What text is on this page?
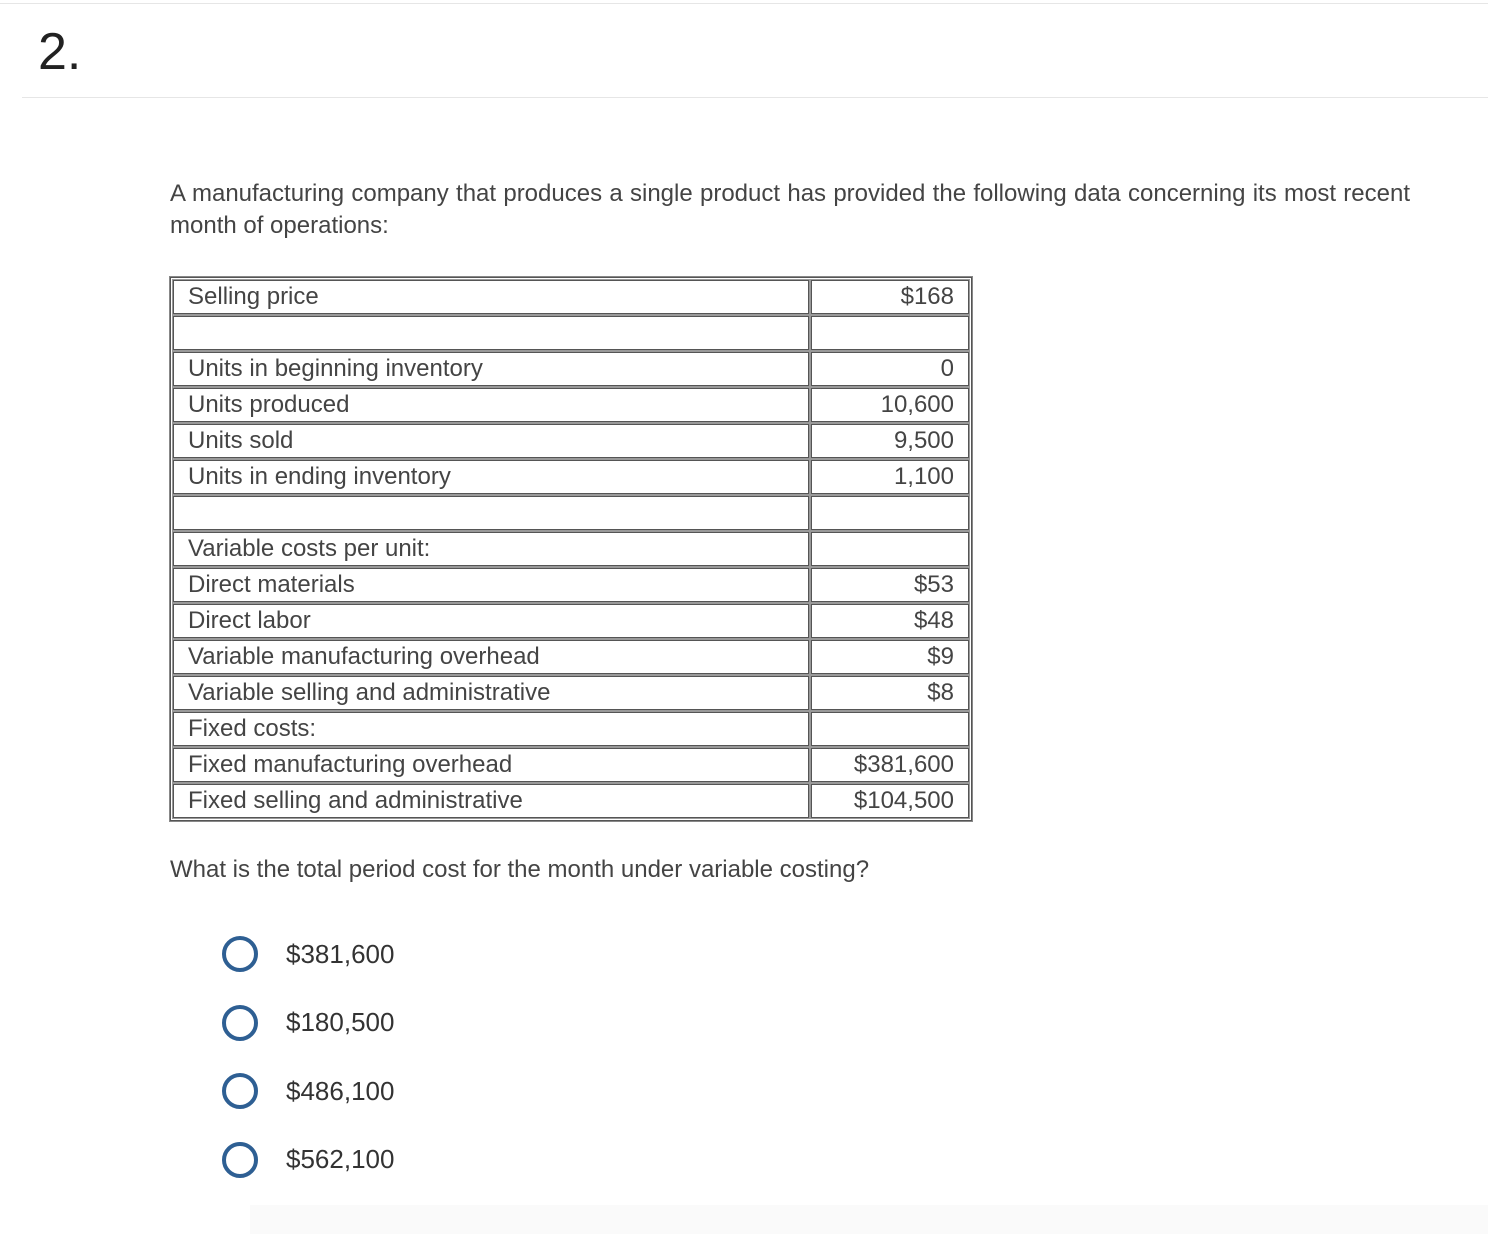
2.
A manufacturing company that produces a single product has provided the following data concerning its most recent month of operations:
Selling price	$168

Units in beginning inventory	0
Units produced	10,600
Units sold	9,500
Units in ending inventory	1,100

Variable costs per unit:	
Direct materials	$53
Direct labor	$48
Variable manufacturing overhead	$9
Variable selling and administrative	$8
Fixed costs:	
Fixed manufacturing overhead	$381,600
Fixed selling and administrative	$104,500
What is the total period cost for the month under variable costing?
$381,600
$180,500
$486,100
$562,100
